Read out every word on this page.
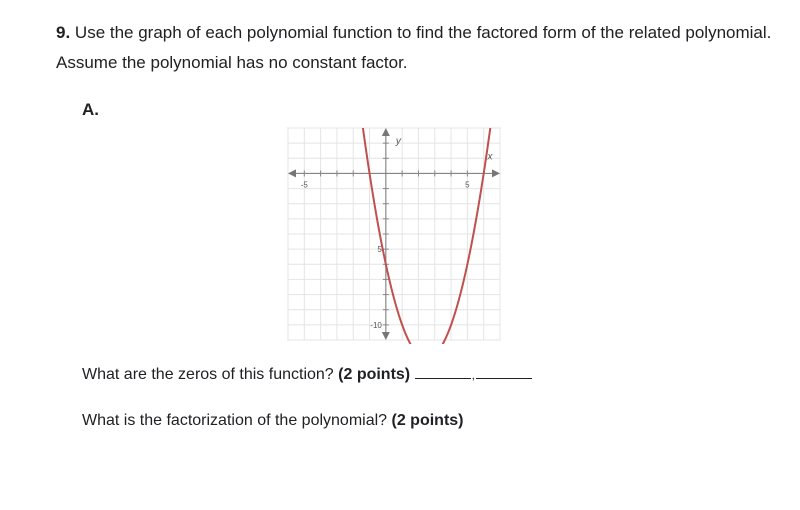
9. Use the graph of each polynomial function to find the factored form of the related polynomial. Assume the polynomial has no constant factor.
A.
y
x
-5	5
5
-10
What are the zeros of this function? (2 points)	,
What is the factorization of the polynomial? (2 points)
